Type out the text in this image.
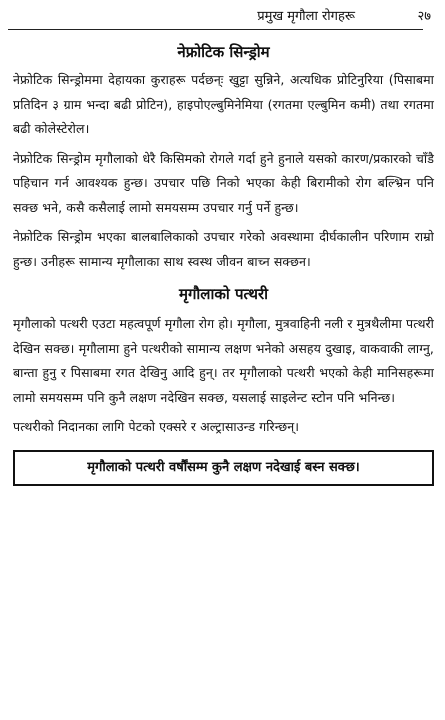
प्रमुख मृगौला रोगहरू	२७
नेफ्रोटिक सिन्ड्रोम

नेफ्रोटिक सिन्ड्रोममा देहायका कुराहरू पर्दछन्ः खुट्टा सुन्निने, अत्यधिक प्रोटिनुरिया (पिसाबमा प्रतिदिन ३ ग्राम भन्दा बढी प्रोटिन), हाइपोएल्बुमिनेमिया (रगतमा एल्बुमिन कमी) तथा रगतमा बढी कोलेस्टेरोल।

नेफ्रोटिक सिन्ड्रोम मृगौलाको धेरै किसिमको रोगले गर्दा हुने हुनाले यसको कारण/प्रकारको चाँडै पहिचान गर्न आवश्यक हुन्छ। उपचार पछि निको भएका केही बिरामीको रोग बल्भ्रिन पनि सक्छ भने, कसै कसैलाई लामो समयसम्म उपचार गर्नु पर्ने हुन्छ।

नेफ्रोटिक सिन्ड्रोम भएका बालबालिकाको उपचार गरेको अवस्थामा दीर्घकालीन परिणाम राम्रो हुन्छ। उनीहरू सामान्य मृगौलाका साथ स्वस्थ जीवन बाच्न सक्छन।

मृगौलाको पत्थरी

मृगौलाको पत्थरी एउटा महत्वपूर्ण मृगौला रोग हो। मृगौला, मुत्रवाहिनी नली र मुत्रथैलीमा पत्थरी देखिन सक्छ। मृगौलामा हुने पत्थरीको सामान्य लक्षण भनेको असहय दुखाइ, वाकवाकी लाग्नु, बान्ता हुनु र पिसाबमा रगत देखिनु आदि हुन्। तर मृगौलाको पत्थरी भएको केही मानिसहरूमा लामो समयसम्म पनि कुनै लक्षण नदेखिन सक्छ, यसलाई साइलेन्ट स्टोन पनि भनिन्छ।

पत्थरीको निदानका लागि पेटको एक्सरे र अल्ट्रासाउन्ड गरिन्छन्।

मृगौलाको पत्थरी वर्षौंसम्म कुनै लक्षण नदेखाई बस्न सक्छ।
